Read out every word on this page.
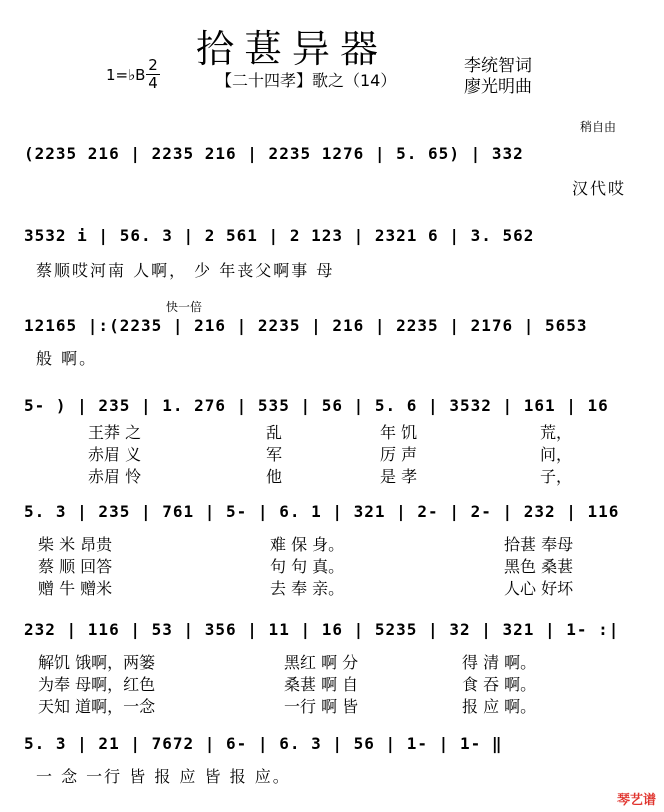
拾葚异器
1=♭B
2
4	【二十四孝】歌之（14）
李统智词
廖光明曲
稍自由
快一倍
(2235 216 | 2235 216 | 2235 1276 | 5. 65) | 332
汉代哎
3532 i | 56. 3 | 2 561 | 2 123 | 2321 6 | 3. 562
蔡顺哎河南 人啊， 少 年丧父啊事 母
12165 |:(2235 | 216 | 2235 | 216 | 2235 | 2176 | 5653
般 啊。
5- ) | 235 | 1. 276 | 535 | 56 | 5. 6 | 3532 | 161 | 16
王莽 之	乱	年 饥	荒，
赤眉 义	军	厉 声	问，
赤眉 怜	他	是 孝	子，
5. 3 | 235 | 761 | 5- | 6. 1 | 321 | 2- | 2- | 232 | 116
柴 米 昂贵	难 保 身。	拾葚 奉母
蔡 顺 回答	句 句 真。	黑色 桑葚
赠 牛 赠米	去 奉 亲。	人心 好坏
232 | 116 | 53 | 356 | 11 | 16 | 5235 | 32 | 321 | 1- :|
解饥 饿啊，两篓	黑红 啊 分	得 清 啊。
为奉 母啊，红色	桑葚 啊 自	食 吞 啊。
天知 道啊，一念	一行 啊 皆	报 应 啊。
5. 3 | 21 | 7672 | 6- | 6. 3 | 56 | 1- | 1- ‖
一 念 一行 皆 报 应 皆 报 应。
琴艺谱
